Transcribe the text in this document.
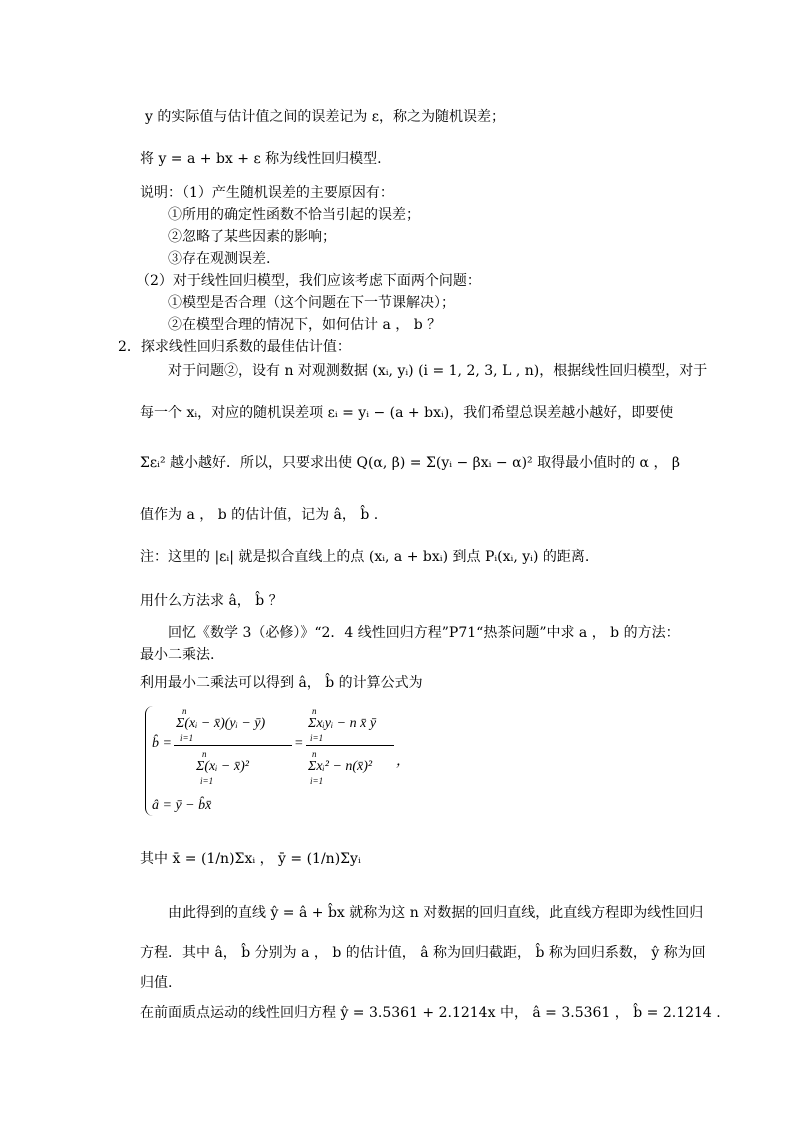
y 的实际值与估计值之间的误差记为 ε，称之为随机误差；
将 y = a + bx + ε 称为线性回归模型.
说明：（1）产生随机误差的主要原因有：
①所用的确定性函数不恰当引起的误差；
②忽略了某些因素的影响；
③存在观测误差.
（2）对于线性回归模型，我们应该考虑下面两个问题：
①模型是否合理（这个问题在下一节课解决）；
②在模型合理的情况下，如何估计 a ， b ？
2．探求线性回归系数的最佳估计值：
对于问题②，设有 n 对观测数据 (xᵢ, yᵢ) (i = 1, 2, 3, L , n)，根据线性回归模型，对于
每一个 xᵢ，对应的随机误差项 εᵢ = yᵢ − (a + bxᵢ)，我们希望总误差越小越好，即要使
Σεᵢ² 越小越好．所以，只要求出使 Q(α, β) = Σ(yᵢ − βxᵢ − α)² 取得最小值时的 α ， β
值作为 a ， b 的估计值，记为 â， b̂ .
注：这里的 |εᵢ| 就是拟合直线上的点 (xᵢ, a + bxᵢ) 到点 Pᵢ(xᵢ, yᵢ) 的距离.
用什么方法求 â， b̂ ？
回忆《数学 3（必修）》“2．4 线性回归方程”P71“热茶问题”中求 a ， b 的方法：
最小二乘法.
利用最小二乘法可以得到 â， b̂ 的计算公式为
b̂ =
n
Σ(xᵢ − x̄)(yᵢ − ȳ)
i=1
n
Σ(xᵢ − x̄)²
i=1
=
n
Σxᵢyᵢ − n x̄ ȳ
i=1
n
Σxᵢ² − n(x̄)²
i=1
，
â = ȳ − b̂x̄
其中 x̄ = (1/n)Σxᵢ ， ȳ = (1/n)Σyᵢ
由此得到的直线 ŷ = â + b̂x 就称为这 n 对数据的回归直线，此直线方程即为线性回归
方程．其中 â， b̂ 分别为 a ， b 的估计值， â 称为回归截距， b̂ 称为回归系数， ŷ 称为回
归值.
在前面质点运动的线性回归方程 ŷ = 3.5361 + 2.1214x 中， â = 3.5361 ， b̂ = 2.1214 .
